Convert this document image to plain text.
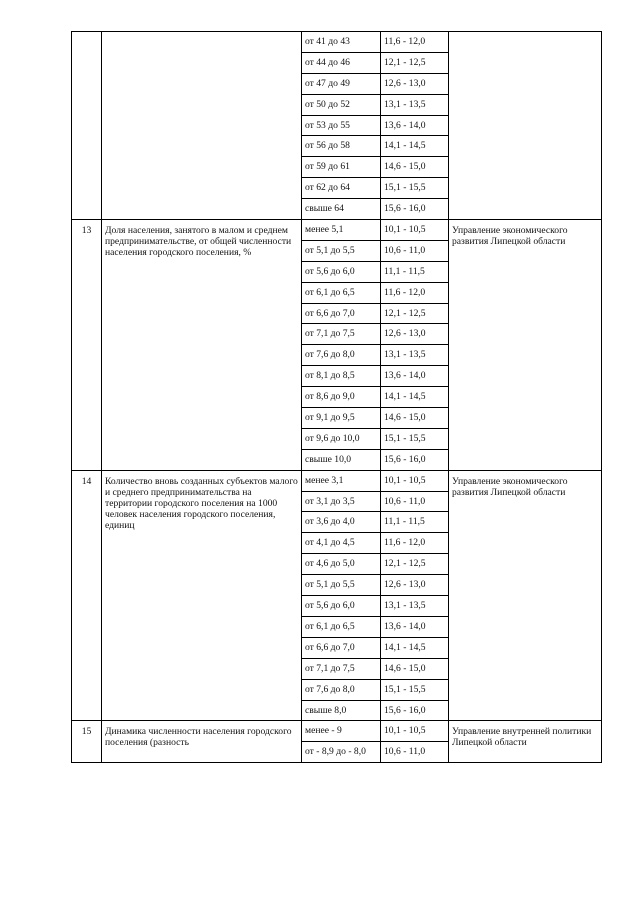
		от 41 до 43	11,6 - 12,0	
		от 44 до 46	12,1 - 12,5	
		от 47 до 49	12,6 - 13,0	
		от 50 до 52	13,1 - 13,5	
		от 53 до 55	13,6 - 14,0	
		от 56 до 58	14,1 - 14,5	
		от 59 до 61	14,6 - 15,0	
		от 62 до 64	15,1 - 15,5	
		свыше 64	15,6 - 16,0	
13	Доля населения, занятого в малом и среднем предпринимательстве, от общей численности населения городского поселения, %	менее 5,1	10,1 - 10,5	Управление экономического развития Липецкой области
		от 5,1 до 5,5	10,6 - 11,0	
		от 5,6 до 6,0	11,1 - 11,5	
		от 6,1 до 6,5	11,6 - 12,0	
		от 6,6 до 7,0	12,1 - 12,5	
		от 7,1 до 7,5	12,6 - 13,0	
		от 7,6 до 8,0	13,1 - 13,5	
		от 8,1 до 8,5	13,6 - 14,0	
		от 8,6 до 9,0	14,1 - 14,5	
		от 9,1 до 9,5	14,6 - 15,0	
		от 9,6 до 10,0	15,1 - 15,5	
		свыше 10,0	15,6 - 16,0	
14	Количество вновь созданных субъектов малого и среднего предпринимательства на территории городского поселения на 1000 человек населения городского поселения, единиц	менее 3,1	10,1 - 10,5	Управление экономического развития Липецкой области
		от 3,1 до 3,5	10,6 - 11,0	
		от 3,6 до 4,0	11,1 - 11,5	
		от 4,1 до 4,5	11,6 - 12,0	
		от 4,6 до 5,0	12,1 - 12,5	
		от 5,1 до 5,5	12,6 - 13,0	
		от 5,6 до 6,0	13,1 - 13,5	
		от 6,1 до 6,5	13,6 - 14,0	
		от 6,6 до 7,0	14,1 - 14,5	
		от 7,1 до 7,5	14,6 - 15,0	
		от 7,6 до 8,0	15,1 - 15,5	
		свыше 8,0	15,6 - 16,0	
15	Динамика численности населения городского поселения (разность	менее - 9	10,1 - 10,5	Управление внутренней политики Липецкой области
		от - 8,9 до - 8,0	10,6 - 11,0	
